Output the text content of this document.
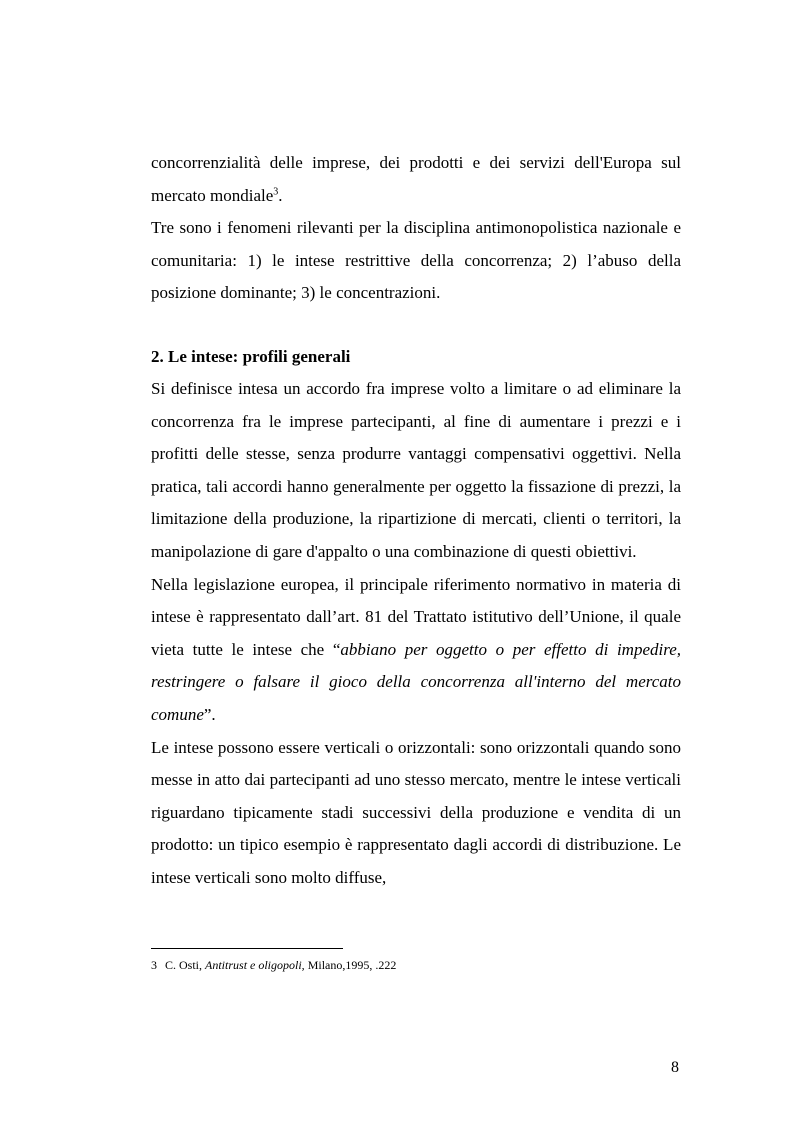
concorrenzialità delle imprese, dei prodotti e dei servizi dell'Europa sul mercato mondiale$^3$.

Tre sono i fenomeni rilevanti per la disciplina antimonopolistica nazionale e comunitaria: 1) le intese restrittive della concorrenza; 2) l’abuso della posizione dominante; 3) le concentrazioni.

2. Le intese: profili generali

Si definisce intesa un accordo fra imprese volto a limitare o ad eliminare la concorrenza fra le imprese partecipanti, al fine di aumentare i prezzi e i profitti delle stesse, senza produrre vantaggi compensativi oggettivi. Nella pratica, tali accordi hanno generalmente per oggetto la fissazione di prezzi, la limitazione della produzione, la ripartizione di mercati, clienti o territori, la manipolazione di gare d'appalto o una combinazione di questi obiettivi.

Nella legislazione europea, il principale riferimento normativo in materia di intese è rappresentato dall’art. 81 del Trattato istitutivo dell’Unione, il quale vieta tutte le intese che “abbiano per oggetto o per effetto di impedire, restringere o falsare il gioco della concorrenza all'interno del mercato comune”.

Le intese possono essere verticali o orizzontali: sono orizzontali quando sono messe in atto dai partecipanti ad uno stesso mercato, mentre le intese verticali riguardano tipicamente stadi successivi della produzione e vendita di un prodotto: un tipico esempio è rappresentato dagli accordi di distribuzione. Le intese verticali sono molto diffuse,

3 C. Osti, Antitrust e oligopoli, Milano,1995, .222
8
